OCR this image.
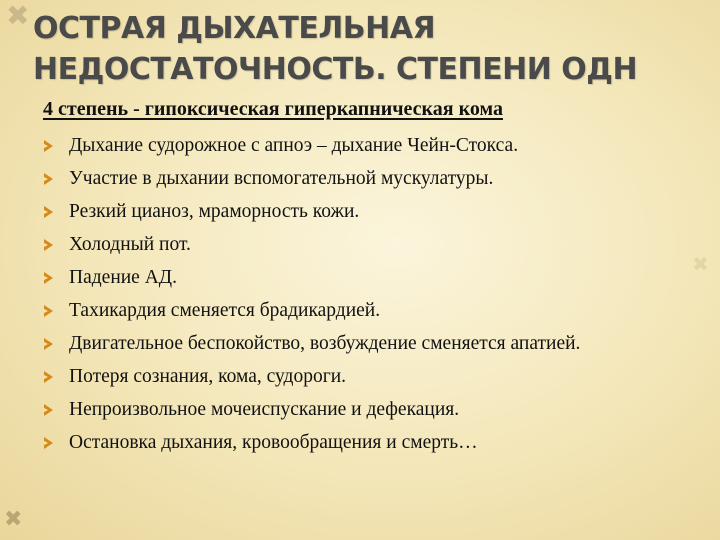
✖
✖
✖
ОСТРАЯ ДЫХАТЕЛЬНАЯ
НЕДОСТАТОЧНОСТЬ. СТЕПЕНИ ОДН
4 степень - гипоксическая гиперкапническая кома
Дыхание судорожное с апноэ – дыхание Чейн-Стокса.
Участие в дыхании вспомогательной мускулатуры.
Резкий цианоз, мраморность кожи.
Холодный пот.
Падение АД.
Тахикардия сменяется брадикардией.
Двигательное беспокойство, возбуждение сменяется апатией.
Потеря сознания, кома, судороги.
Непроизвольное мочеиспускание и дефекация.
Остановка дыхания, кровообращения и смерть…
